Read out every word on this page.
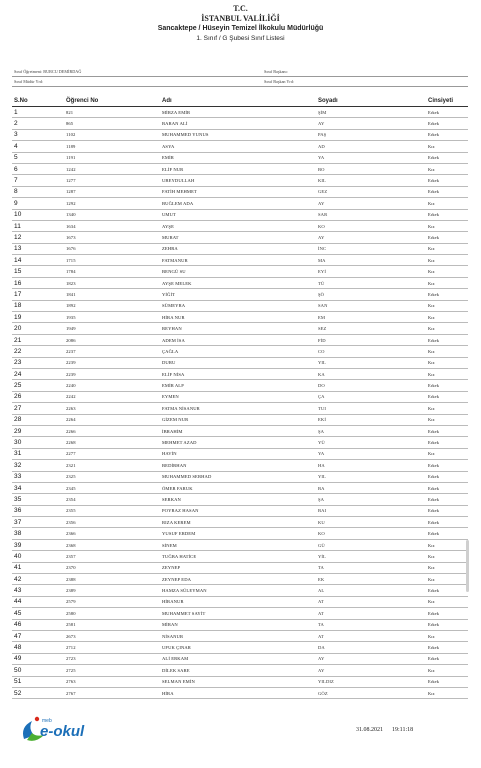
T.C.
İSTANBUL VALİLİĞİ
Sancaktepe / Hüseyin Temizel İlkokulu Müdürlüğü
1. Sınıf / G Şubesi Sınıf Listesi
Sınıf Öğretmeni: BURCU DEMİRDAĞ	Sınıf Başkanı:
Sınıf Müdür Yrd:	Sınıf Başkan Yrd:
S.No	Öğrenci No	Adı	Soyadı	Cinsiyeti
1	821	MİRZA EMİR	ŞİM	Erkek
2	865	BARAN ALİ	AY	Erkek
3	1102	MUHAMMED YUNUS	PAŞ	Erkek
4	1189	ASYA	AD	Kız
5	1191	EMİR	YA	Erkek
6	1242	ELİF NUR	BO	Kız
7	1277	UBEYDULLAH	KIL	Erkek
8	1287	FATİH MEHMET	GEZ	Erkek
9	1292	BUĞLEM ADA	AY	Kız
10	1340	UMUT	SAR	Erkek
11	1634	AYŞE	KO	Kız
12	1673	MURAT	AY	Erkek
13	1676	ZEHRA	İNC	Kız
14	1715	FATMANUR	MA	Kız
15	1784	BENGÜ SU	EYİ	Kız
16	1823	AYŞE MELEK	TÜ	Kız
17	1841	YİĞİT	ŞÖ	Erkek
18	1892	SÜMEYRA	SAN	Kız
19	1935	HİRA NUR	EM	Kız
20	1949	REYHAN	SEZ	Kız
21	2086	ADEM İSA	FİD	Erkek
22	2237	ÇAĞLA	CO	Kız
23	2239	DURU	YIL	Kız
24	2239	ELİF NİSA	KA	Kız
25	2240	EMİR ALP	DO	Erkek
26	2242	EYMEN	ÇA	Erkek
27	2263	FATMA NİSANUR	TUI	Kız
28	2264	GİZEM NUR	EKİ	Kız
29	2266	İBRAHİM	ŞA	Erkek
30	2268	MEHMET AZAD	YÜ	Erkek
31	2277	HAVİN	YA	Kız
32	2321	BEDİRHAN	HA	Erkek
33	2325	MUHAMMED SERHAD	YIL	Erkek
34	2345	ÖMER FARUK	BA	Erkek
35	2354	SERKAN	ŞA	Erkek
36	2355	POYRAZ HASAN	BAI	Erkek
37	2356	RIZA KEREM	KU	Erkek
38	2366	YUSUF ERDEM	KO	Erkek
39	2368	SİNEM	GÜ	Kız
40	2357	TUĞBA HATİCE	YİL	Kız
41	2370	ZEYNEP	TA	Kız
42	2388	ZEYNEP EDA	EK	Kız
43	2389	HAMZA SÜLEYMAN	AL	Erkek
44	2579	HİRANUR	AT	Kız
45	2580	MUHAMMET SAYİT	AT	Erkek
46	2581	MİRAN	TA	Erkek
47	2673	NİSANUR	AT	Kız
48	2712	UFUK ÇINAR	DA	Erkek
49	2723	ALİ ERKAM	AY	Erkek
50	2725	DİLEK SARE	AY	Kız
51	2763	SELMAN EMİN	YILDIZ	Erkek
52	2767	HİRA	GÖZ	Kız
meb
e-okul	31.08.2021 19:11:18
